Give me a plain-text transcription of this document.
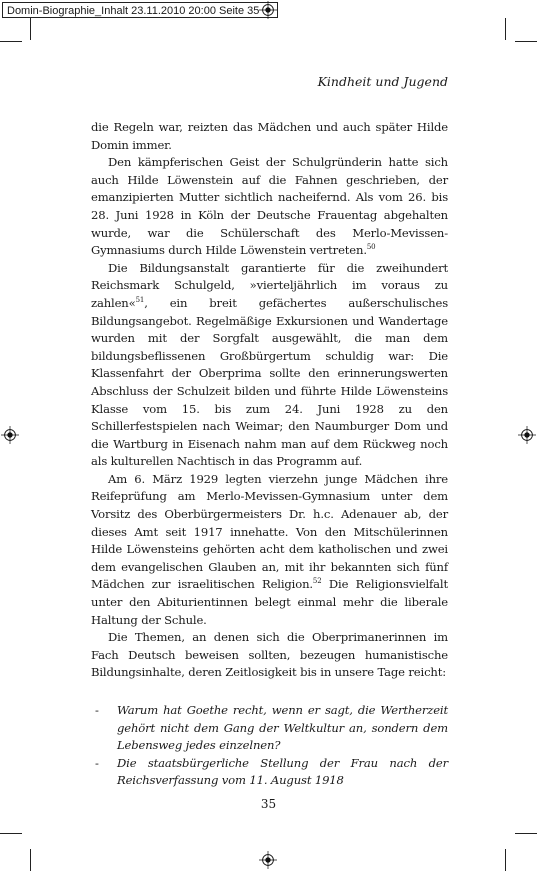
Domin-Biographie_Inhalt 23.11.2010 20:00 Seite 35
Kindheit und Jugend

die Regeln war, reizten das Mädchen und auch später Hilde Domin immer.

Den kämpferischen Geist der Schulgründerin hatte sich auch Hilde Löwenstein auf die Fahnen geschrieben, der emanzipierten Mutter sichtlich nacheifernd. Als vom 26. bis 28. Juni 1928 in Köln der Deutsche Frauentag abgehalten wurde, war die Schülerschaft des Merlo-Mevissen-Gymnasiums durch Hilde Löwenstein vertreten.$^{50}$

Die Bildungsanstalt garantierte für die zweihundert Reichsmark Schulgeld, »vierteljährlich im voraus zu zahlen«$^{51}$, ein breit gefächertes außerschulisches Bildungsangebot. Regelmäßige Exkursionen und Wandertage wurden mit der Sorgfalt ausgewählt, die man dem bildungsbeflissenen Großbürgertum schuldig war: Die Klassenfahrt der Oberprima sollte den erinnerungswerten Abschluss der Schulzeit bilden und führte Hilde Löwensteins Klasse vom 15. bis zum 24. Juni 1928 zu den Schillerfestspielen nach Weimar; den Naumburger Dom und die Wartburg in Eisenach nahm man auf dem Rückweg noch als kulturellen Nachtisch in das Programm auf.

Am 6. März 1929 legten vierzehn junge Mädchen ihre Reifeprüfung am Merlo-Mevissen-Gymnasium unter dem Vorsitz des Oberbürgermeisters Dr. h.c. Adenauer ab, der dieses Amt seit 1917 innehatte. Von den Mitschülerinnen Hilde Löwensteins gehörten acht dem katholischen und zwei dem evangelischen Glauben an, mit ihr bekannten sich fünf Mädchen zur israelitischen Religion.$^{52}$ Die Religionsvielfalt unter den Abiturientinnen belegt einmal mehr die liberale Haltung der Schule.

Die Themen, an denen sich die Oberprimanerinnen im Fach Deutsch beweisen sollten, bezeugen humanistische Bildungsinhalte, deren Zeitlosigkeit bis in unsere Tage reicht:

- Warum hat Goethe recht, wenn er sagt, die Wertherzeit gehört nicht dem Gang der Weltkultur an, sondern dem Lebensweg jedes einzelnen?
- Die staatsbürgerliche Stellung der Frau nach der Reichsverfassung vom 11. August 1918
35
